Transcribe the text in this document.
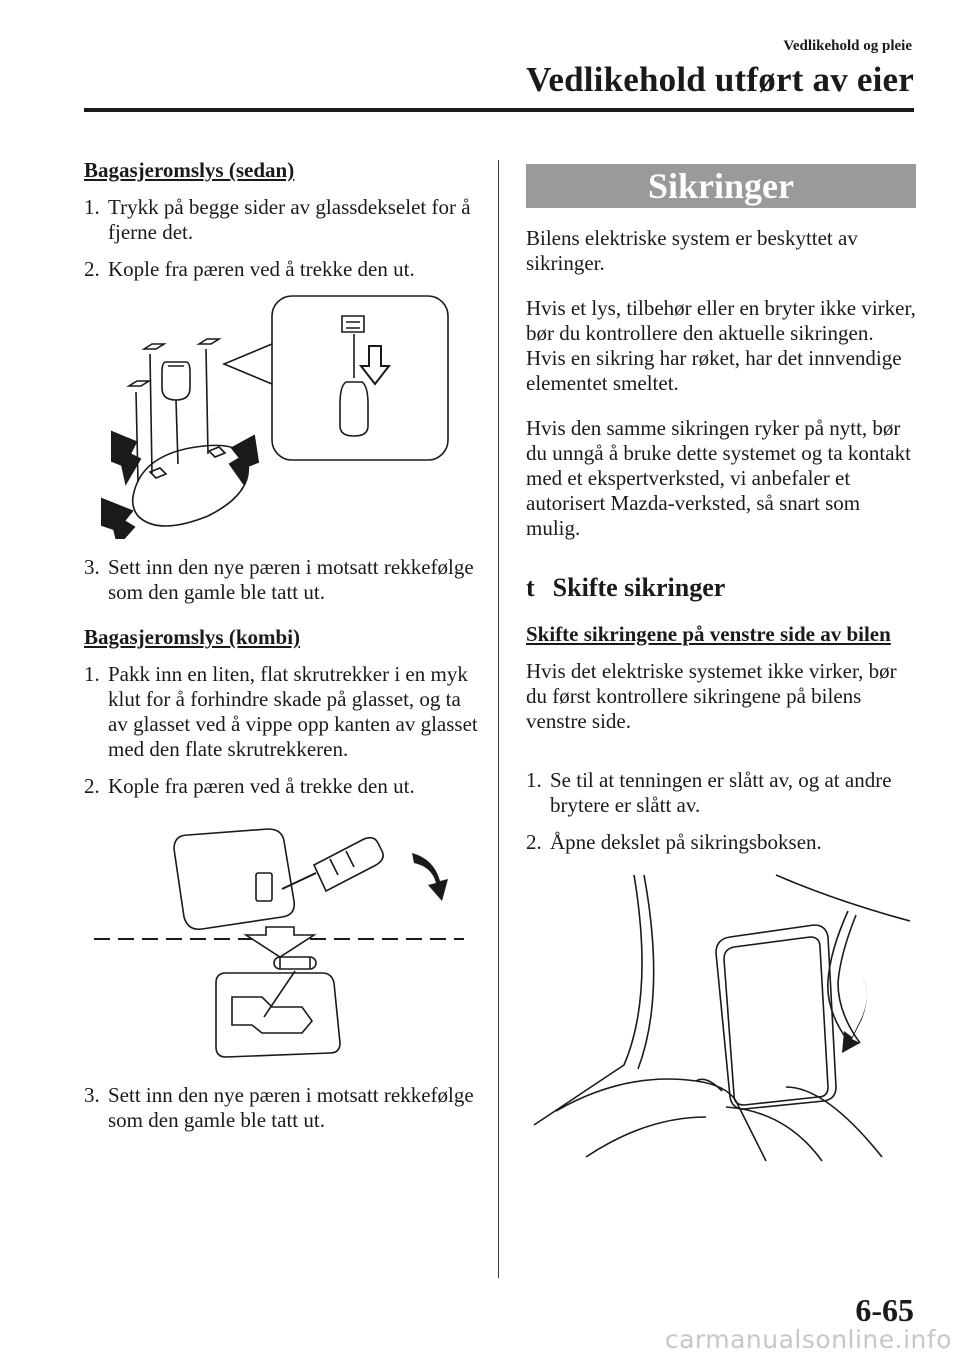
Vedlikehold og pleie
Vedlikehold utført av eier
Bagasjeromslys (sedan)
1. Trykk på begge sider av glassdekselet for å fjerne det.
2. Kople fra pæren ved å trekke den ut.
3. Sett inn den nye pæren i motsatt rekkefølge som den gamle ble tatt ut.
Bagasjeromslys (kombi)
1. Pakk inn en liten, flat skrutrekker i en myk klut for å forhindre skade på glasset, og ta av glasset ved å vippe opp kanten av glasset med den flate skrutrekkeren.
2. Kople fra pæren ved å trekke den ut.
3. Sett inn den nye pæren i motsatt rekkefølge som den gamle ble tatt ut.
Sikringer

Bilens elektriske system er beskyttet av sikringer.

Hvis et lys, tilbehør eller en bryter ikke virker, bør du kontrollere den aktuelle sikringen. Hvis en sikring har røket, har det innvendige elementet smeltet.

Hvis den samme sikringen ryker på nytt, bør du unngå å bruke dette systemet og ta kontakt med et ekspertverksted, vi anbefaler et autorisert Mazda-verksted, så snart som mulig.

t Skifte sikringer
Skifte sikringene på venstre side av bilen

Hvis det elektriske systemet ikke virker, bør du først kontrollere sikringene på bilens venstre side.

1. Se til at tenningen er slått av, og at andre brytere er slått av.
2. Åpne dekslet på sikringsboksen.
6-65
carmanualsonline.info
